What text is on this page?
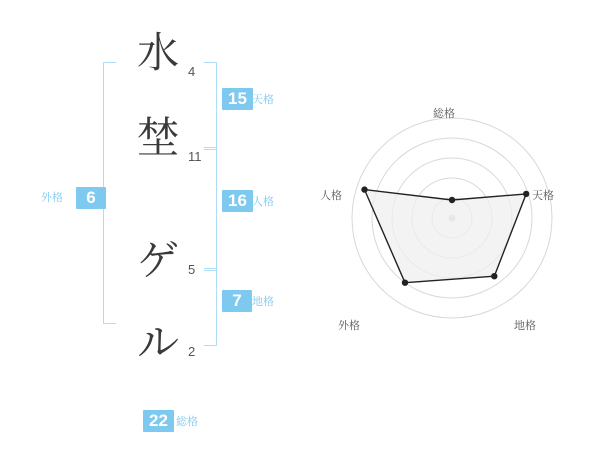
水 4
埜 11
ゲ 5
ル 2
6
外格
15 天格
16 人格
7 地格
22 総格
総格
天格
地格
外格
人格
